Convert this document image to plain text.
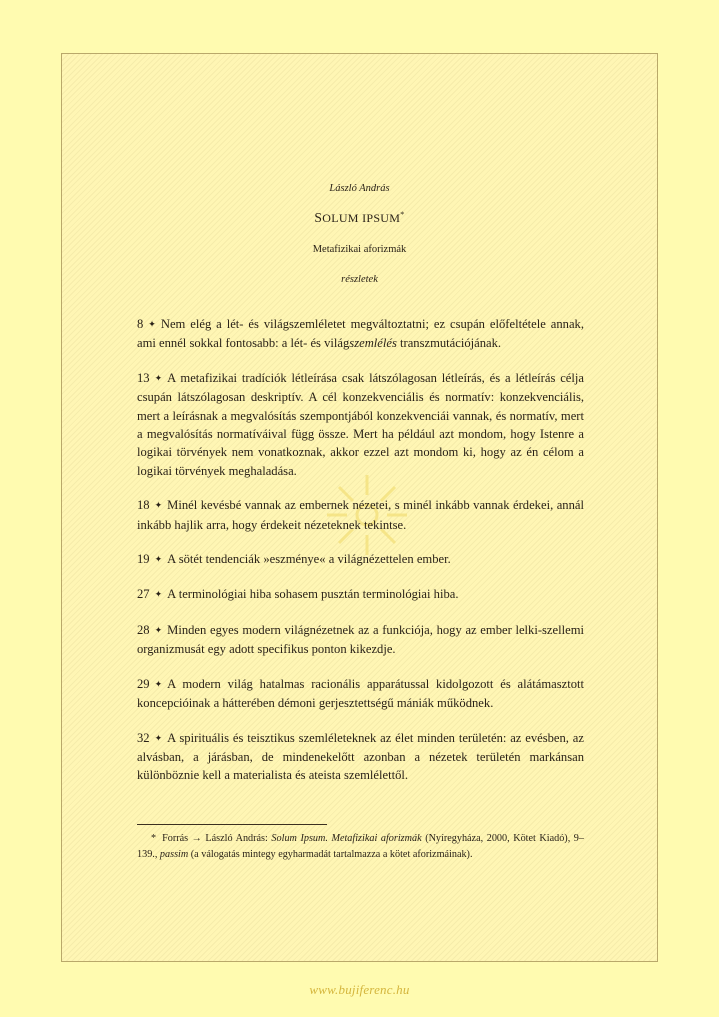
László András
SOLUM IPSUM*
Metafizikai aforizmák
részletek

8 ✦ Nem elég a lét- és világszemléletet megváltoztatni; ez csupán előfeltétele annak, ami ennél sokkal fontosabb: a lét- és világszemlélés transzmutációjának.

13 ✦ A metafizikai tradíciók létleírása csak látszólagosan létleírás, és a létleírás célja csupán látszólagosan deskriptív. A cél konzekvenciális és normatív: konzekvenciális, mert a leírásnak a megvalósítás szempontjából konzekvenciái vannak, és normatív, mert a megvalósítás normatíváival függ össze. Mert ha például azt mondom, hogy Istenre a logikai törvények nem vonatkoznak, akkor ezzel azt mondom ki, hogy az én célom a logikai törvények meghaladása.

18 ✦ Minél kevésbé vannak az embernek nézetei, s minél inkább vannak érdekei, annál inkább hajlik arra, hogy érdekeit nézeteknek tekintse.

19 ✦ A sötét tendenciák »eszménye« a világnézettelen ember.

27 ✦ A terminológiai hiba sohasem pusztán terminológiai hiba.

28 ✦ Minden egyes modern világnézetnek az a funkciója, hogy az ember lelki-szellemi organizmusát egy adott specifikus ponton kikezdje.

29 ✦ A modern világ hatalmas racionális apparátussal kidolgozott és alátámasztott koncepcióinak a hátterében démoni gerjesztettségű mániák működnek.

32 ✦ A spirituális és teisztikus szemléleteknek az élet minden területén: az evésben, az alvásban, a járásban, de mindenekelőtt azonban a nézetek területén markánsan különböznie kell a materialista és ateista szemlélettől.

* Forrás → László András: Solum Ipsum. Metafizikai aforizmák (Nyíregyháza, 2000, Kötet Kiadó), 9–139., passim (a válogatás mintegy egyharmadát tartalmazza a kötet aforizmáinak).
www.bujiferenc.hu
